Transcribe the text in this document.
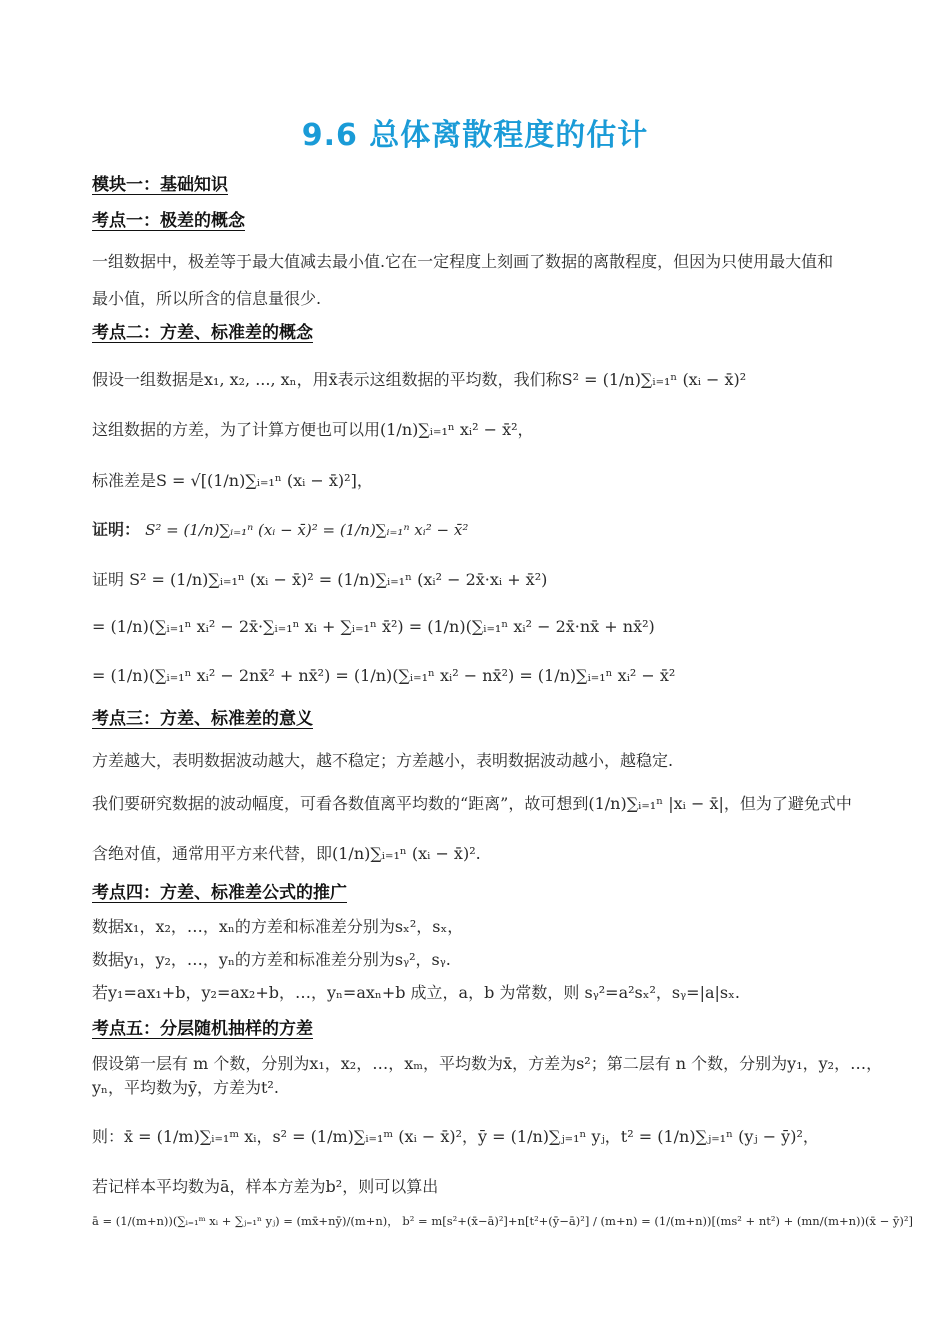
9.6 总体离散程度的估计
模块一：基础知识
考点一：极差的概念
一组数据中，极差等于最大值减去最小值.它在一定程度上刻画了数据的离散程度，但因为只使用最大值和
最小值，所以所含的信息量很少.
考点二：方差、标准差的概念
假设一组数据是x₁, x₂, ..., xₙ，用x̄表示这组数据的平均数，我们称S² = (1/n)∑ᵢ₌₁ⁿ (xᵢ − x̄)²
这组数据的方差，为了计算方便也可以用(1/n)∑ᵢ₌₁ⁿ xᵢ² − x̄²，
标准差是S = √[(1/n)∑ᵢ₌₁ⁿ (xᵢ − x̄)²]，
证明： S² = (1/n)∑ᵢ₌₁ⁿ (xᵢ − x̄)² = (1/n)∑ᵢ₌₁ⁿ xᵢ² − x̄²
证明 S² = (1/n)∑ᵢ₌₁ⁿ (xᵢ − x̄)² = (1/n)∑ᵢ₌₁ⁿ (xᵢ² − 2x̄·xᵢ + x̄²)
= (1/n)(∑ᵢ₌₁ⁿ xᵢ² − 2x̄·∑ᵢ₌₁ⁿ xᵢ + ∑ᵢ₌₁ⁿ x̄²) = (1/n)(∑ᵢ₌₁ⁿ xᵢ² − 2x̄·nx̄ + nx̄²)
= (1/n)(∑ᵢ₌₁ⁿ xᵢ² − 2nx̄² + nx̄²) = (1/n)(∑ᵢ₌₁ⁿ xᵢ² − nx̄²) = (1/n)∑ᵢ₌₁ⁿ xᵢ² − x̄²
考点三：方差、标准差的意义
方差越大，表明数据波动越大，越不稳定；方差越小，表明数据波动越小，越稳定.
我们要研究数据的波动幅度，可看各数值离平均数的“距离”，故可想到(1/n)∑ᵢ₌₁ⁿ |xᵢ − x̄|，但为了避免式中
含绝对值，通常用平方来代替，即(1/n)∑ᵢ₌₁ⁿ (xᵢ − x̄)².
考点四：方差、标准差公式的推广
数据x₁，x₂，…，xₙ的方差和标准差分别为sₓ²，sₓ，
数据y₁，y₂，…，yₙ的方差和标准差分别为sᵧ²，sᵧ.
若y₁=ax₁+b，y₂=ax₂+b，…，yₙ=axₙ+b 成立，a，b 为常数，则 sᵧ²=a²sₓ²，sᵧ=|a|sₓ.
考点五：分层随机抽样的方差
假设第一层有 m 个数，分别为x₁，x₂，…，xₘ，平均数为x̄，方差为s²；第二层有 n 个数，分别为y₁，y₂，…，
yₙ，平均数为ȳ，方差为t².
则：x̄ = (1/m)∑ᵢ₌₁ᵐ xᵢ，s² = (1/m)∑ᵢ₌₁ᵐ (xᵢ − x̄)²，ȳ = (1/n)∑ⱼ₌₁ⁿ yⱼ，t² = (1/n)∑ⱼ₌₁ⁿ (yⱼ − ȳ)²，
若记样本平均数为ā，样本方差为b²，则可以算出
ā = (1/(m+n))(∑ᵢ₌₁ᵐ xᵢ + ∑ⱼ₌₁ⁿ yⱼ) = (mx̄+nȳ)/(m+n)， b² = m[s²+(x̄−ā)²]+n[t²+(ȳ−ā)²] / (m+n) = (1/(m+n))[(ms² + nt²) + (mn/(m+n))(x̄ − ȳ)²]
